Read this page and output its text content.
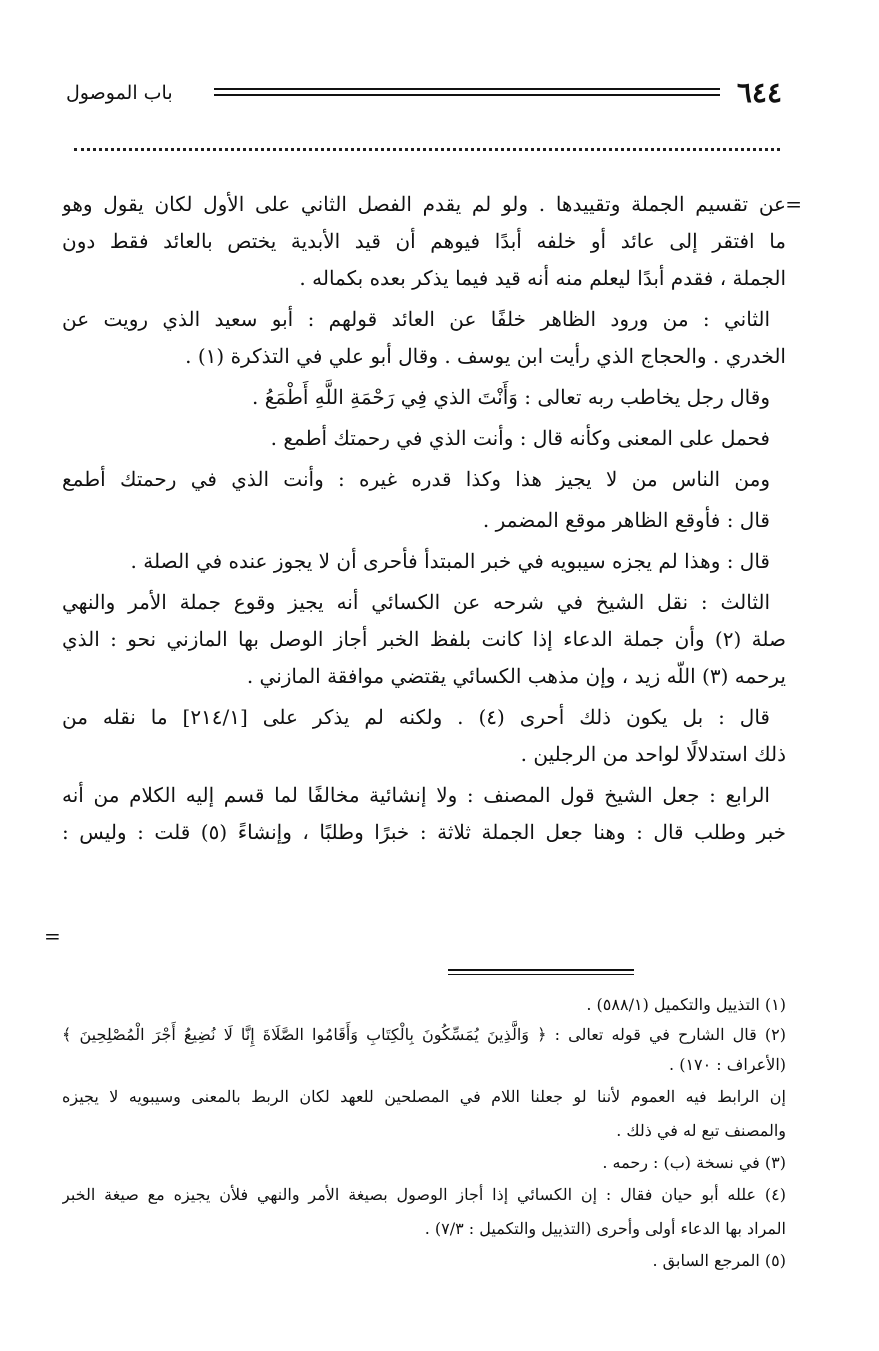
٦٤٤
باب الموصول
=
عن تقسيم الجملة وتقييدها . ولو لم يقدم الفصل الثاني على الأول لكان يقول وهو
ما افتقر إلى عائد أو خلفه أبدًا فيوهم أن قيد الأبدية يختص بالعائد فقط دون
الجملة ، فقدم أبدًا ليعلم منه أنه قيد فيما يذكر بعده بكماله .
الثاني : من ورود الظاهر خلفًا عن العائد قولهم : أبو سعيد الذي رويت عن
الخدري . والحجاج الذي رأيت ابن يوسف . وقال أبو علي في التذكرة (١) .
وقال رجل يخاطب ربه تعالى : وَأَنْتَ الذي فِي رَحْمَةِ اللَّهِ أَطْمَعُ .
فحمل على المعنى وكأنه قال : وأنت الذي في رحمتك أطمع .
ومن الناس من لا يجيز هذا وكذا قدره غيره : وأنت الذي في رحمتك أطمع
قال : فأوقع الظاهر موقع المضمر .
قال : وهذا لم يجزه سيبويه في خبر المبتدأ فأحرى أن لا يجوز عنده في الصلة .
الثالث : نقل الشيخ في شرحه عن الكسائي أنه يجيز وقوع جملة الأمر والنهي
صلة (٢) وأن جملة الدعاء إذا كانت بلفظ الخبر أجاز الوصل بها المازني نحو : الذي
يرحمه (٣) اللّه زيد ، وإن مذهب الكسائي يقتضي موافقة المازني .
قال : بل يكون ذلك أحرى (٤) . ولكنه لم يذكر على [٢١٤/١] ما نقله من
ذلك استدلالًا لواحد من الرجلين .
الرابع : جعل الشيخ قول المصنف : ولا إنشائية مخالفًا لما قسم إليه الكلام من أنه
خبر وطلب قال : وهنا جعل الجملة ثلاثة : خبرًا وطلبًا ، وإنشاءً (٥) قلت : وليس :
=
(١) التذييل والتكميل (٥٨٨/١) .
(٢) قال الشارح في قوله تعالى : ﴿ وَالَّذِينَ يُمَسِّكُونَ بِالْكِتَابِ وَأَقَامُوا الصَّلَاةَ إِنَّا لَا نُضِيعُ أَجْرَ الْمُصْلِحِينَ ﴾
(الأعراف : ١٧٠) .
إن الرابط فيه العموم لأننا لو جعلنا اللام في المصلحين للعهد لكان الربط بالمعنى وسيبويه لا يجيزه
والمصنف تبع له في ذلك .
(٣) في نسخة (ب) : رحمه .
(٤) علله أبو حيان فقال : إن الكسائي إذا أجاز الوصول بصيغة الأمر والنهي فلأن يجيزه مع صيغة الخبر
المراد بها الدعاء أولى وأحرى (التذييل والتكميل : ٧/٣) .
(٥) المرجع السابق .
